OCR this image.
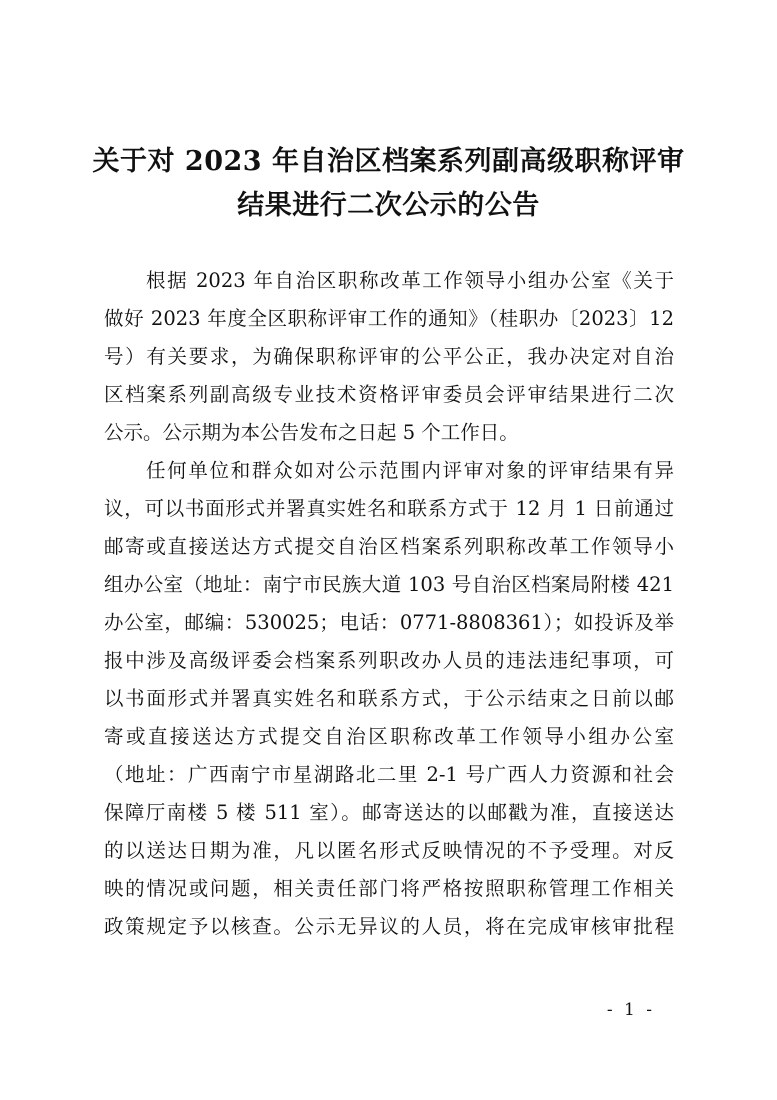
关于对 2023 年自治区档案系列副高级职称评审
结果进行二次公示的公告
根据 2023 年自治区职称改革工作领导小组办公室《关于
做好 2023 年度全区职称评审工作的通知》（桂职办〔2023〕12
号）有关要求，为确保职称评审的公平公正，我办决定对自治
区档案系列副高级专业技术资格评审委员会评审结果进行二次
公示。公示期为本公告发布之日起 5 个工作日。
任何单位和群众如对公示范围内评审对象的评审结果有异
议，可以书面形式并署真实姓名和联系方式于 12 月 1 日前通过
邮寄或直接送达方式提交自治区档案系列职称改革工作领导小
组办公室（地址：南宁市民族大道 103 号自治区档案局附楼 421
办公室，邮编：530025；电话：0771-8808361）；如投诉及举
报中涉及高级评委会档案系列职改办人员的违法违纪事项，可
以书面形式并署真实姓名和联系方式，于公示结束之日前以邮
寄或直接送达方式提交自治区职称改革工作领导小组办公室
（地址：广西南宁市星湖路北二里 2-1 号广西人力资源和社会
保障厅南楼 5 楼 511 室）。邮寄送达的以邮戳为准，直接送达
的以送达日期为准，凡以匿名形式反映情况的不予受理。对反
映的情况或问题，相关责任部门将严格按照职称管理工作相关
政策规定予以核查。公示无异议的人员，将在完成审核审批程
- 1 -
